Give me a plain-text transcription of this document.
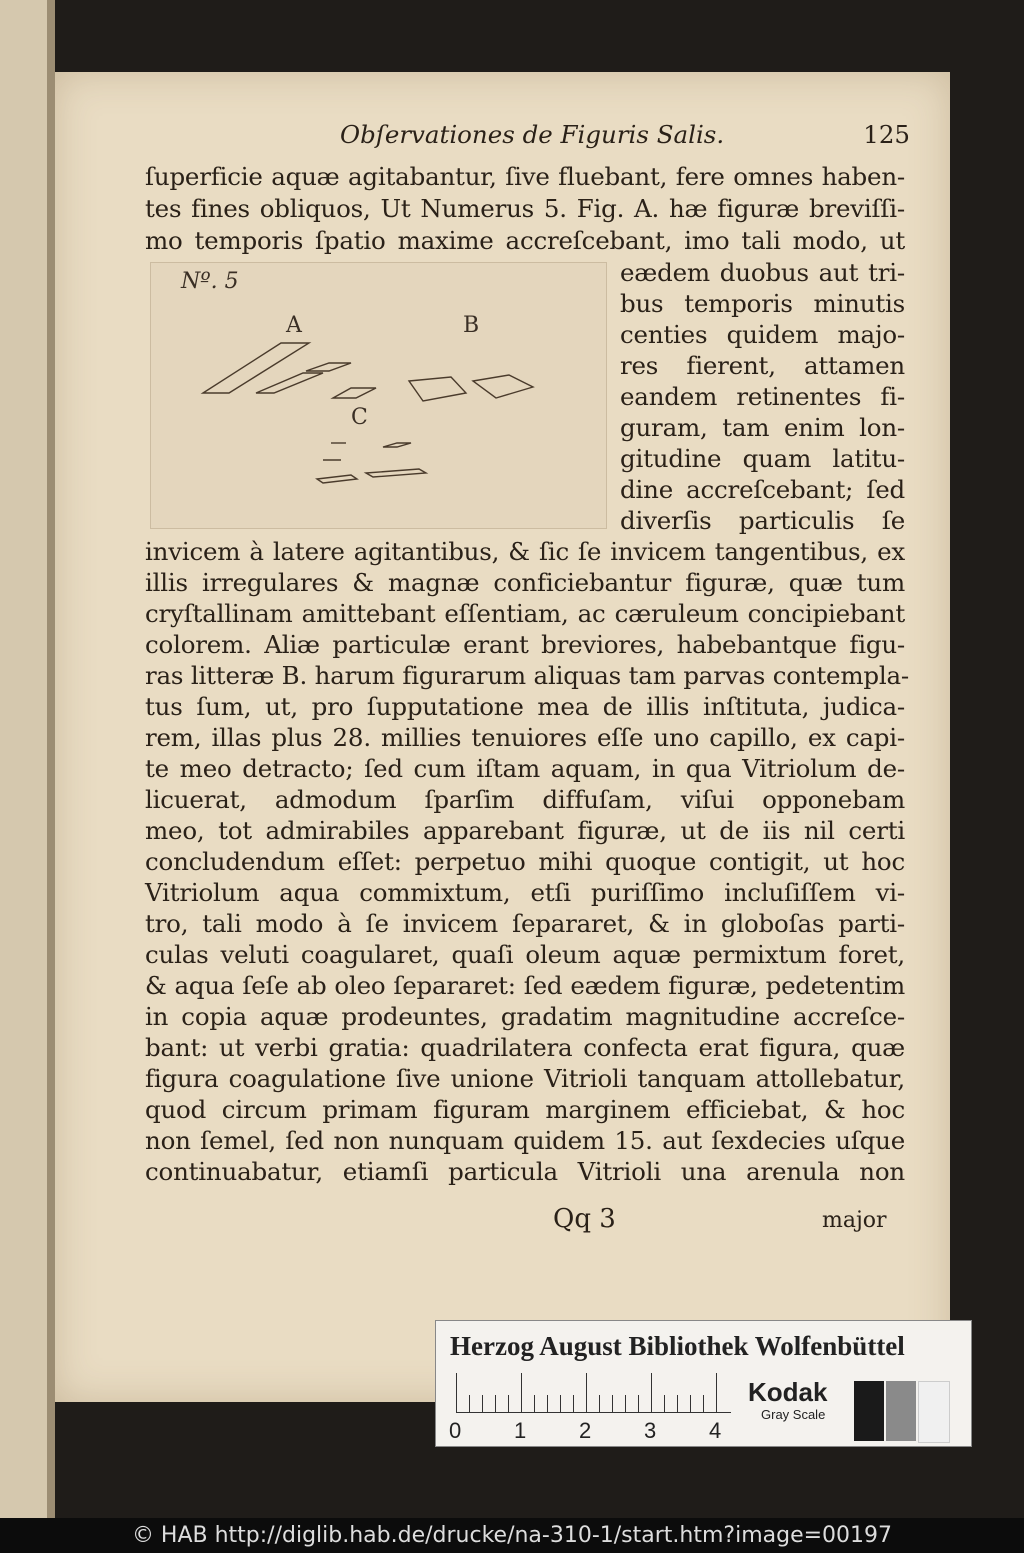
Obſervationes de Figuris Salis.	125
ſuperficie aquæ agitabantur, ſive fluebant, fere omnes haben-
tes fines obliquos, Ut Numerus 5. Fig. A. hæ figuræ breviſſi-
mo temporis ſpatio maxime accreſcebant, imo tali modo, ut
Nº. 5
A	B
C
eædem duobus aut tri-
bus temporis minutis
centies quidem majo-
res fierent, attamen
eandem retinentes fi-
guram, tam enim lon-
gitudine quam latitu-
dine accreſcebant; ſed
diverſis particulis ſe
invicem à latere agitantibus, & ſic ſe invicem tangentibus, ex
illis irregulares & magnæ conficiebantur figuræ, quæ tum
cryſtallinam amittebant eſſentiam, ac cæruleum concipiebant
colorem. Aliæ particulæ erant breviores, habebantque figu-
ras litteræ B. harum figurarum aliquas tam parvas contempla-
tus ſum, ut, pro ſupputatione mea de illis inſtituta, judica-
rem, illas plus 28. millies tenuiores eſſe uno capillo, ex capi-
te meo detracto; ſed cum iſtam aquam, in qua Vitriolum de-
licuerat, admodum ſparſim diffuſam, viſui opponebam
meo, tot admirabiles apparebant figuræ, ut de iis nil certi
concludendum eſſet: perpetuo mihi quoque contigit, ut hoc
Vitriolum aqua commixtum, etſi puriſſimo incluſiſſem vi-
tro, tali modo à ſe invicem ſepararet, & in globoſas parti-
culas veluti coagularet, quaſi oleum aquæ permixtum foret,
& aqua ſeſe ab oleo ſepararet: ſed eædem figuræ, pedetentim
in copia aquæ prodeuntes, gradatim magnitudine accreſce-
bant: ut verbi gratia: quadrilatera confecta erat figura, quæ
figura coagulatione ſive unione Vitrioli tanquam attollebatur,
quod circum primam figuram marginem efficiebat, & hoc
non ſemel, ſed non nunquam quidem 15. aut ſexdecies uſque
continuabatur, etiamſi particula Vitrioli una arenula non
Qq 3	major
Herzog August Bibliothek Wolfenbüttel
0 1 2 3 4
Kodak
Gray Scale
© HAB http://diglib.hab.de/drucke/na-310-1/start.htm?image=00197
